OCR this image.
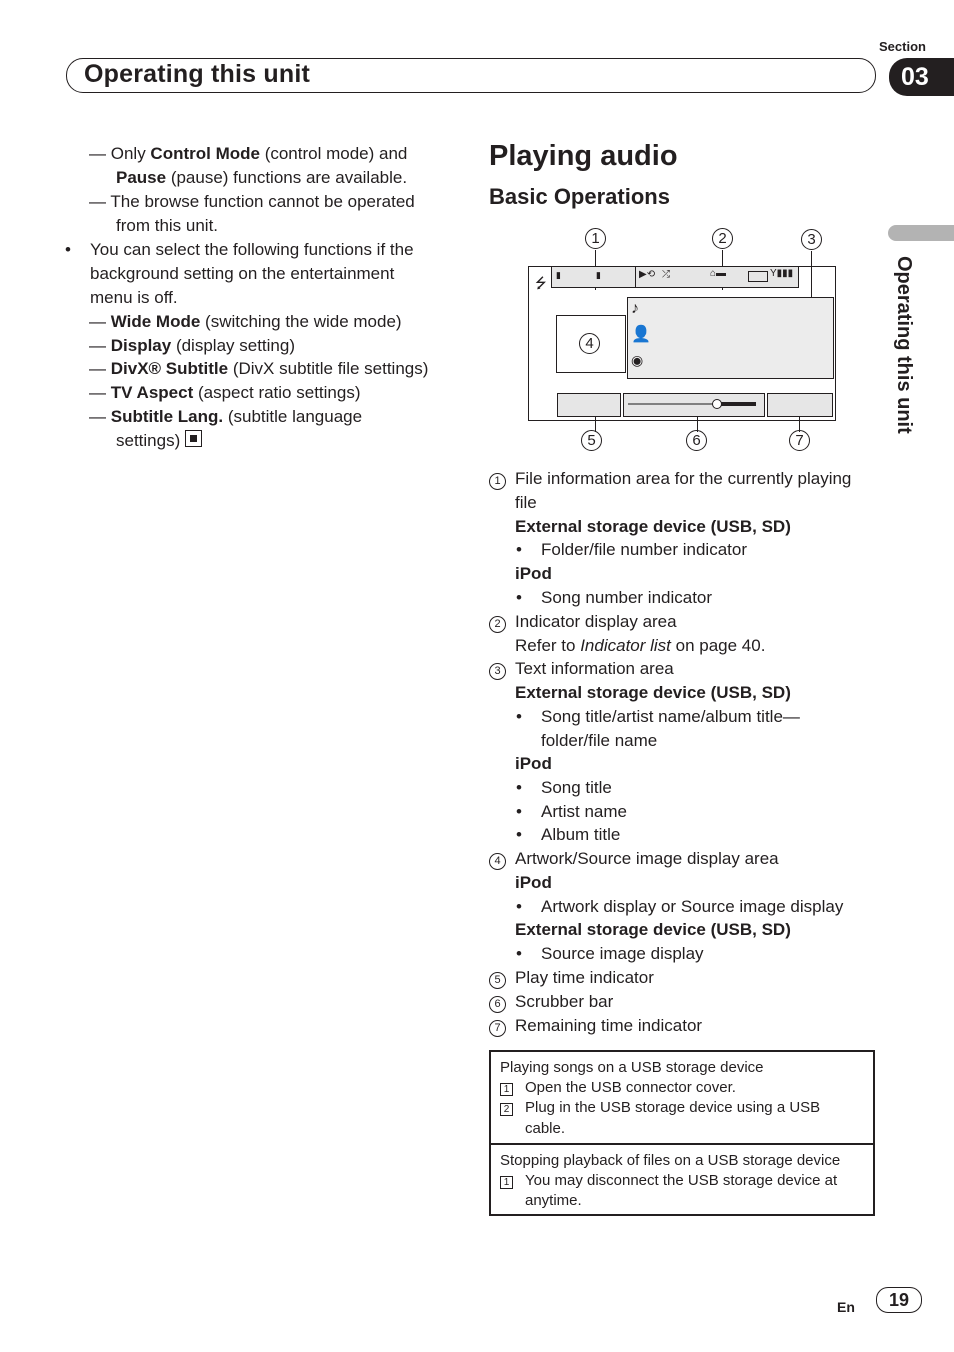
Section
Operating this unit	03
Operating this unit
— Only Control Mode (control mode) and
Pause (pause) functions are available.
— The browse function cannot be operated
from this unit.
• You can select the following functions if the
background setting on the entertainment
menu is off.
— Wide Mode (switching the wide mode)
— Display (display setting)
— DivX® Subtitle (DivX subtitle file settings)
— TV Aspect (aspect ratio settings)
— Subtitle Lang. (subtitle language
settings)
Playing audio
Basic Operations
1	2	3
5	6	7
⭍ ▮	▮	▶⟲ ⤮	⌂▬	Y▮▮▮
♪
👤
◉
4
1 File information area for the currently playing
file
External storage device (USB, SD)
• Folder/file number indicator
iPod
• Song number indicator
2 Indicator display area
Refer to Indicator list on page 40.
3 Text information area
External storage device (USB, SD)
• Song title/artist name/album title—
folder/file name
iPod
• Song title
• Artist name
• Album title
4 Artwork/Source image display area
iPod
• Artwork display or Source image display
External storage device (USB, SD)
• Source image display
5 Play time indicator
6 Scrubber bar
7 Remaining time indicator
Playing songs on a USB storage device
1 Open the USB connector cover.
2 Plug in the USB storage device using a USB
cable.
Stopping playback of files on a USB storage device
1 You may disconnect the USB storage device at
anytime.
En	19
